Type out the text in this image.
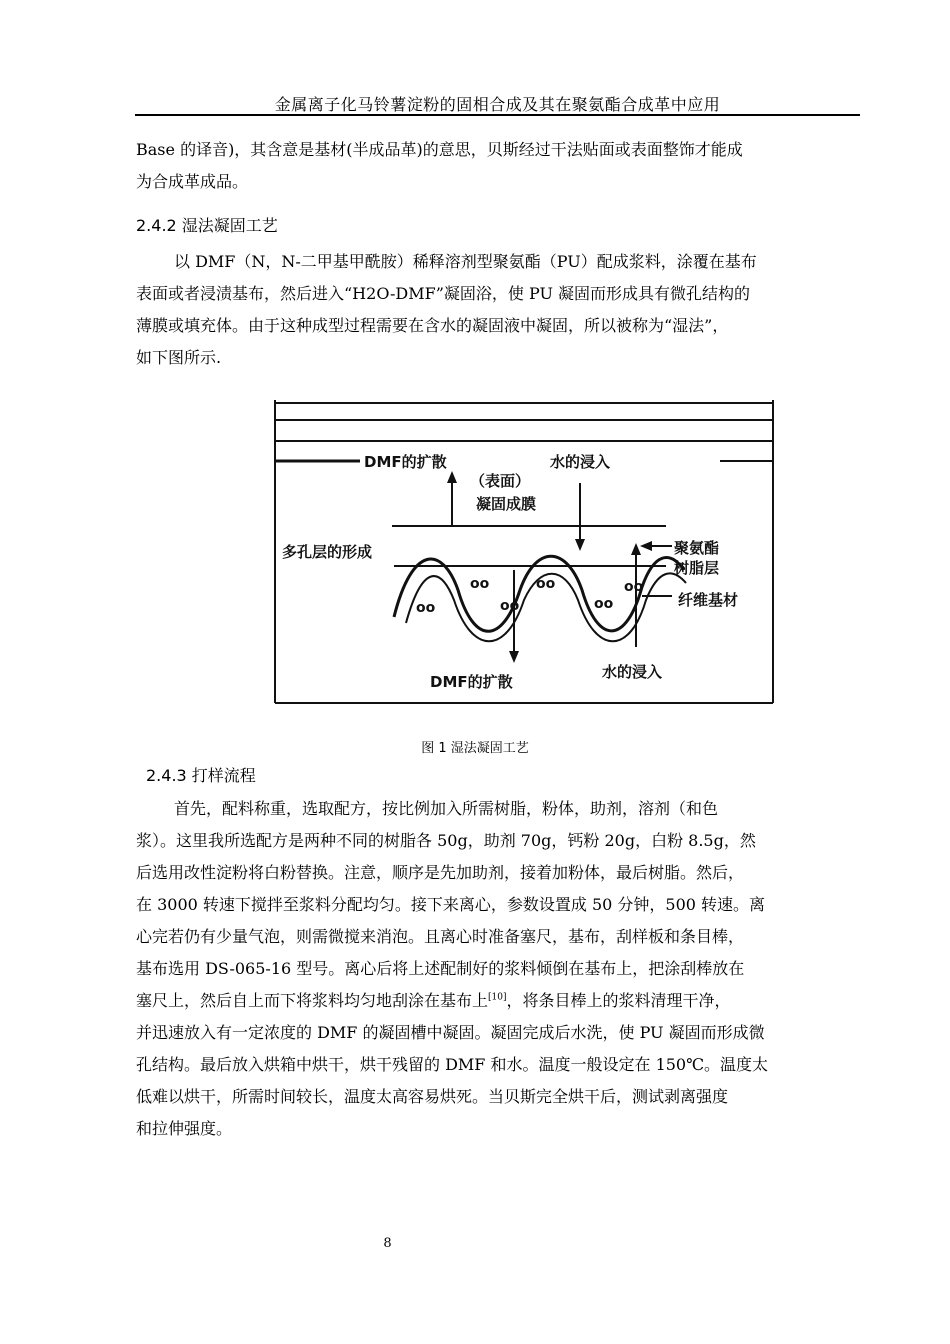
金属离子化马铃薯淀粉的固相合成及其在聚氨酯合成革中应用
Base 的译音)，其含意是基材(半成品革)的意思，贝斯经过干法贴面或表面整饰才能成
为合成革成品。
2.4.2 湿法凝固工艺
以 DMF（N，N-二甲基甲酰胺）稀释溶剂型聚氨酯（PU）配成浆料，涂覆在基布
表面或者浸渍基布，然后进入“H2O-DMF”凝固浴，使 PU 凝固而形成具有微孔结构的
薄膜或填充体。由于这种成型过程需要在含水的凝固液中凝固，所以被称为“湿法”，
如下图所示.
DMF的扩散	水的浸入
（表面）
凝固成膜
多孔层的形成	聚氨酯
树脂层
纤维基材
DMF的扩散
水的浸入
oo
oo
oo
oo
oo
oo
图 1 湿法凝固工艺
2.4.3 打样流程
首先，配料称重，选取配方，按比例加入所需树脂，粉体，助剂，溶剂（和色
浆）。这里我所选配方是两种不同的树脂各 50g，助剂 70g，钙粉 20g，白粉 8.5g，然
后选用改性淀粉将白粉替换。注意，顺序是先加助剂，接着加粉体，最后树脂。然后，
在 3000 转速下搅拌至浆料分配均匀。接下来离心，参数设置成 50 分钟，500 转速。离
心完若仍有少量气泡，则需微搅来消泡。且离心时准备塞尺，基布，刮样板和条目棒，
基布选用 DS-065-16 型号。离心后将上述配制好的浆料倾倒在基布上，把涂刮棒放在
塞尺上，然后自上而下将浆料均匀地刮涂在基布上[10]，将条目棒上的浆料清理干净，
并迅速放入有一定浓度的 DMF 的凝固槽中凝固。凝固完成后水洗，使 PU 凝固而形成微
孔结构。最后放入烘箱中烘干，烘干残留的 DMF 和水。温度一般设定在 150℃。温度太
低难以烘干，所需时间较长，温度太高容易烘死。当贝斯完全烘干后，测试剥离强度
和拉伸强度。
8
